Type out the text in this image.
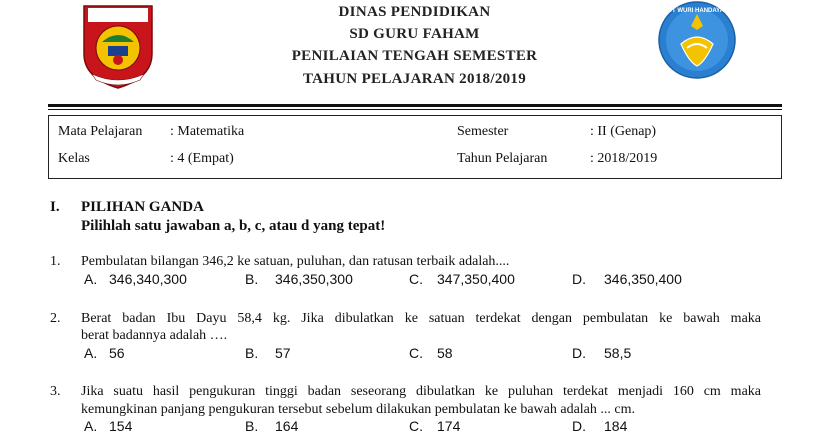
TUT WURI HANDAYANI
DINAS PENDIDIKAN
SD GURU FAHAM
PENILAIAN TENGAH SEMESTER
TAHUN PELAJARAN 2018/2019
Mata Pelajaran : Matematika
Kelas	: 4 (Empat)
Semester	: II (Genap)
Tahun Pelajaran	: 2018/2019
I. PILIHAN GANDA
Pilihlah satu jawaban a, b, c, atau d yang tepat!
1. Pembulatan bilangan 346,2 ke satuan, puluhan, dan ratusan terbaik adalah....
A. 346,340,300	B. 346,350,300	C. 347,350,400	D. 346,350,400
2. Berat badan Ibu Dayu 58,4 kg. Jika dibulatkan ke satuan terdekat dengan pembulatan ke bawah maka
berat badannya adalah ….
A. 56	B. 57	C. 58	D. 58,5
3. Jika suatu hasil pengukuran tinggi badan seseorang dibulatkan ke puluhan terdekat menjadi 160 cm maka
kemungkinan panjang pengukuran tersebut sebelum dilakukan pembulatan ke bawah adalah ... cm.
A. 154	B. 164	C. 174	D. 184
